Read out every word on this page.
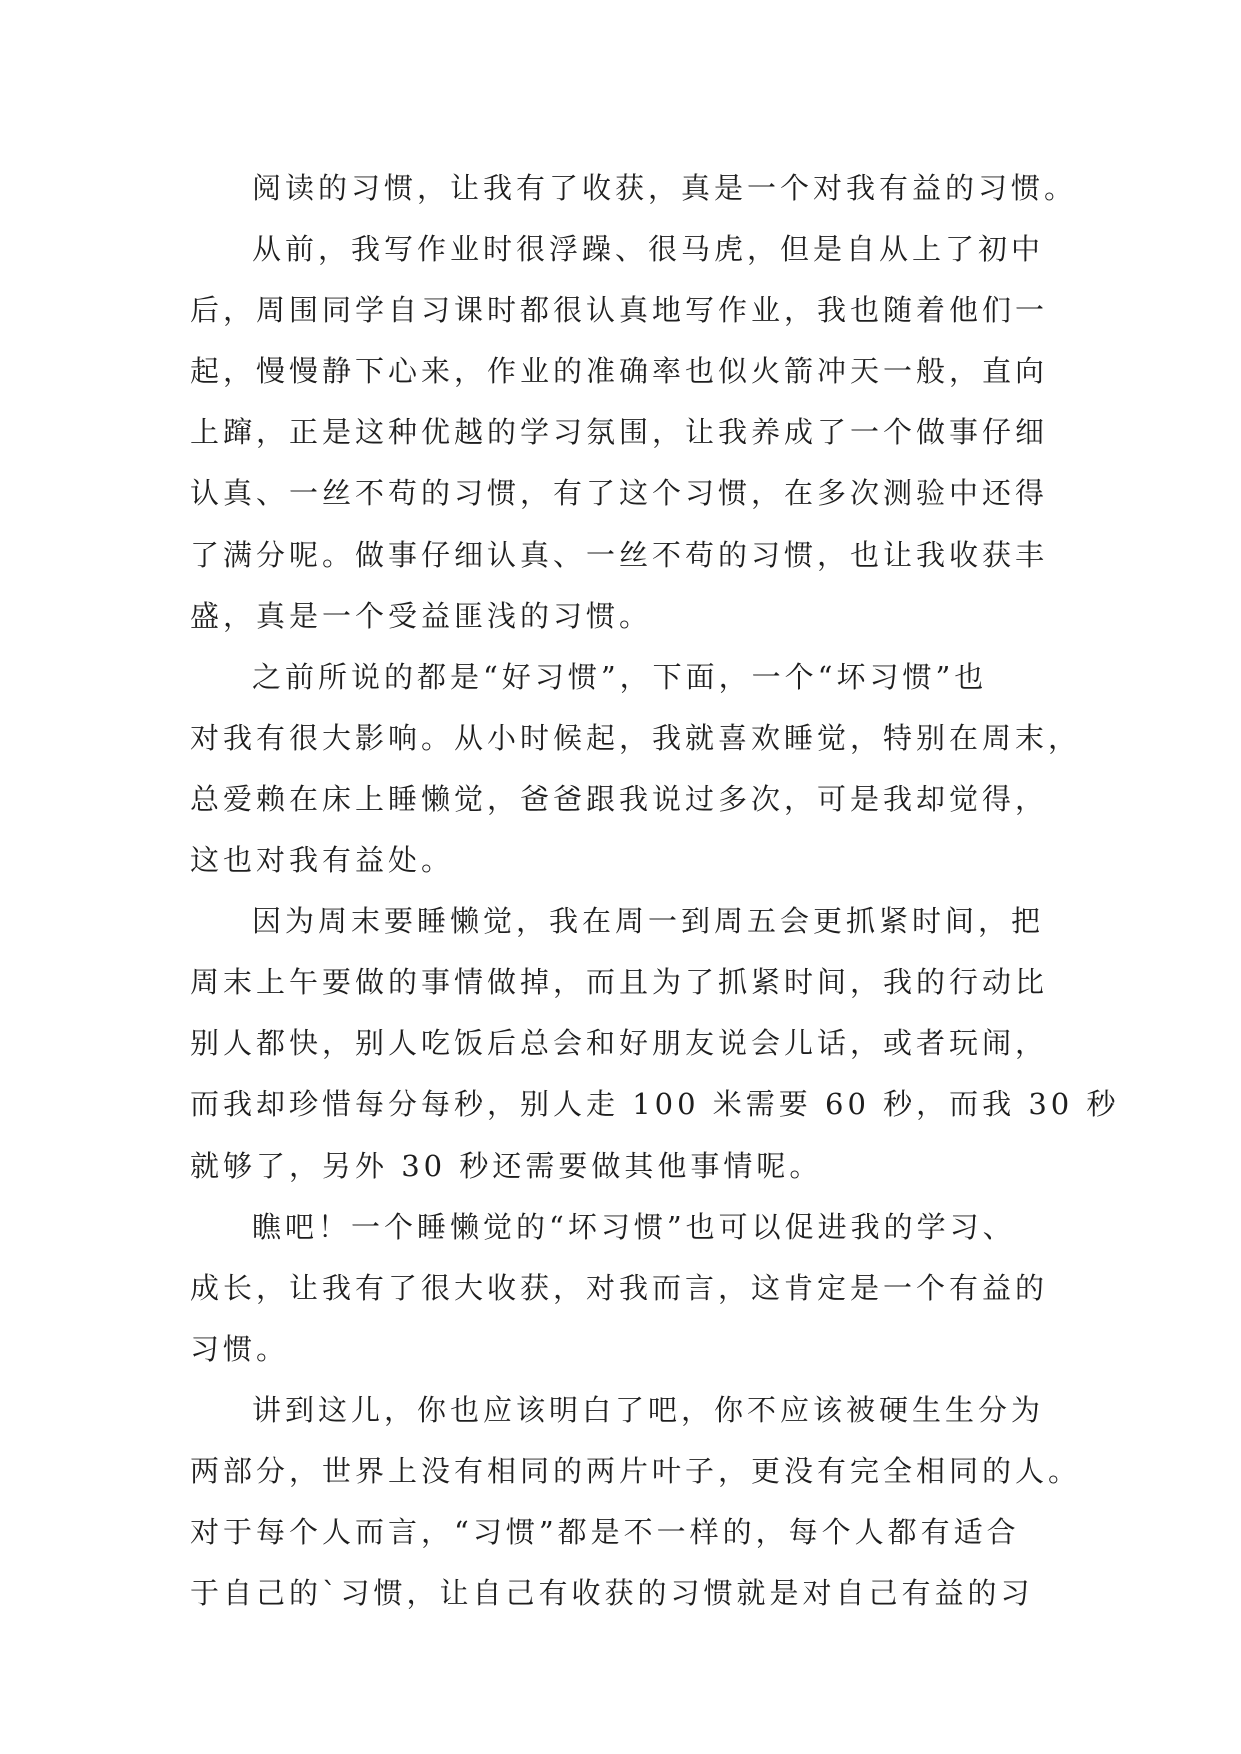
阅读的习惯，让我有了收获，真是一个对我有益的习惯。
从前，我写作业时很浮躁、很马虎，但是自从上了初中
后，周围同学自习课时都很认真地写作业，我也随着他们一
起，慢慢静下心来，作业的准确率也似火箭冲天一般，直向
上蹿，正是这种优越的学习氛围，让我养成了一个做事仔细
认真、一丝不苟的习惯，有了这个习惯，在多次测验中还得
了满分呢。做事仔细认真、一丝不苟的习惯，也让我收获丰
盛，真是一个受益匪浅的习惯。
之前所说的都是“好习惯”，下面，一个“坏习惯”也
对我有很大影响。从小时候起，我就喜欢睡觉，特别在周末，
总爱赖在床上睡懒觉，爸爸跟我说过多次，可是我却觉得，
这也对我有益处。
因为周末要睡懒觉，我在周一到周五会更抓紧时间，把
周末上午要做的事情做掉，而且为了抓紧时间，我的行动比
别人都快，别人吃饭后总会和好朋友说会儿话，或者玩闹，
而我却珍惜每分每秒，别人走 100 米需要 60 秒，而我 30 秒
就够了，另外 30 秒还需要做其他事情呢。
瞧吧！一个睡懒觉的“坏习惯”也可以促进我的学习、
成长，让我有了很大收获，对我而言，这肯定是一个有益的
习惯。
讲到这儿，你也应该明白了吧，你不应该被硬生生分为
两部分，世界上没有相同的两片叶子，更没有完全相同的人。
对于每个人而言，“习惯”都是不一样的，每个人都有适合
于自己的`习惯，让自己有收获的习惯就是对自己有益的习
